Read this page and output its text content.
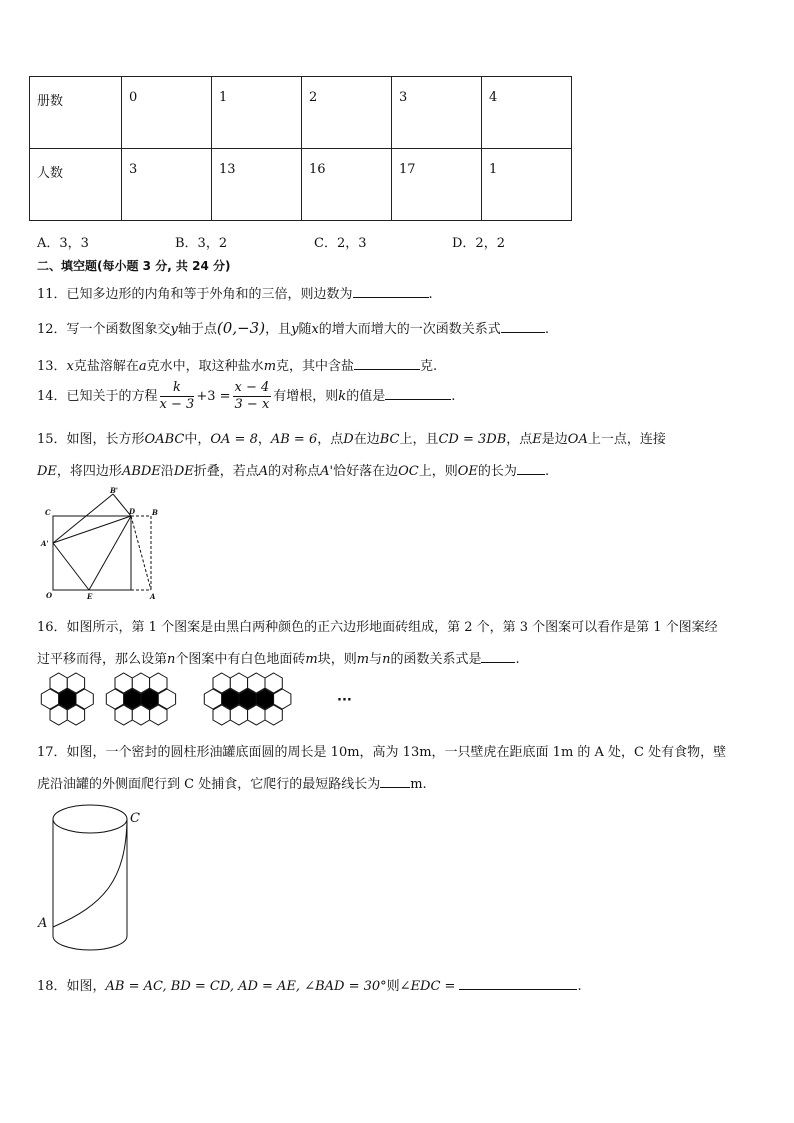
册数	0	1	2	3	4
人数	3	13	16	17	1
A．3，3	B．3，2	C．2，3	D．2，2
二、填空题(每小题 3 分, 共 24 分)
11．已知多边形的内角和等于外角和的三倍，则边数为	.
12．写一个函数图象交y轴于点(0,−3)，且y随x的增大而增大的一次函数关系式	.
13．x克盐溶解在a克水中，取这种盐水m克，其中含盐	克.
14．已知关于的方程 $\frac{k}{x - 3} +3 = \frac{x - 4}{3 - x}$ 有增根，则k的值是	.
15．如图，长方形OABC中，OA = 8，AB = 6，点D在边BC上，且CD = 3DB，点E是边OA上一点，连接
DE，将四边形ABDE沿DE折叠，若点A的对称点A'恰好落在边OC上，则OE的长为 .
B'
C	D B
A'
O	E	A
16．如图所示，第 1 个图案是由黑白两种颜色的正六边形地面砖组成，第 2 个，第 3 个图案可以看作是第 1 个图案经
过平移而得，那么设第n个图案中有白色地面砖m块，则m与n的函数关系式是	.
···
17．如图，一个密封的圆柱形油罐底面圆的周长是 10m，高为 13m，一只壁虎在距底面 1m 的 A 处，C 处有食物，壁
虎沿油罐的外侧面爬行到 C 处捕食，它爬行的最短路线长为 m.
C
A
18．如图，AB = AC, BD = CD, AD = AE, ∠BAD = 30°则∠EDC =	.
